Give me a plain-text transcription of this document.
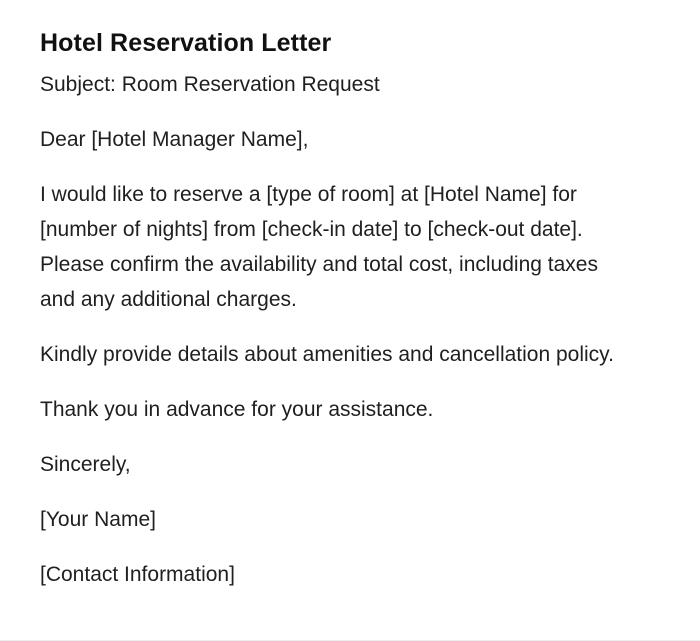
Hotel Reservation Letter

Subject: Room Reservation Request

Dear [Hotel Manager Name],

I would like to reserve a [type of room] at [Hotel Name] for
[number of nights] from [check-in date] to [check-out date].
Please confirm the availability and total cost, including taxes
and any additional charges.

Kindly provide details about amenities and cancellation policy.

Thank you in advance for your assistance.

Sincerely,

[Your Name]

[Contact Information]
